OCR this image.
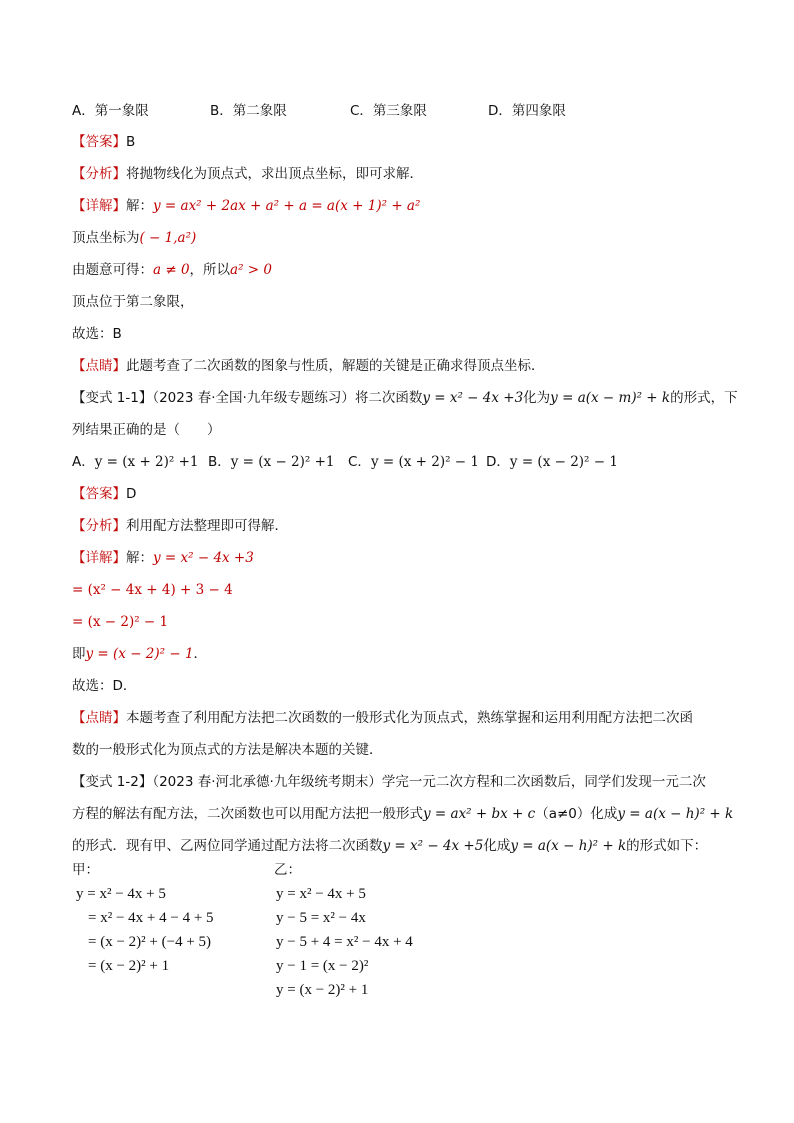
A．第一象限	B．第二象限	C．第三象限	D．第四象限
【答案】B
【分析】将抛物线化为顶点式，求出顶点坐标，即可求解．
【详解】解：y = ax² + 2ax + a² + a = a(x + 1)² + a²
顶点坐标为( − 1,a²)
由题意可得：a ≠ 0，所以a² > 0
顶点位于第二象限，
故选：B
【点睛】此题考查了二次函数的图象与性质，解题的关键是正确求得顶点坐标．
【变式 1-1】（2023 春·全国·九年级专题练习）将二次函数y = x² − 4x +3化为y = a(x − m)² + k的形式，下
列结果正确的是（　　）
A．y = (x + 2)² +1 B．y = (x − 2)² +1 C．y = (x + 2)² − 1 D．y = (x − 2)² − 1
【答案】D
【分析】利用配方法整理即可得解．
【详解】解：y = x² − 4x +3
= (x² − 4x + 4) + 3 − 4
= (x − 2)² − 1
即y = (x − 2)² − 1．
故选：D．
【点睛】本题考查了利用配方法把二次函数的一般形式化为顶点式，熟练掌握和运用利用配方法把二次函
数的一般形式化为顶点式的方法是解决本题的关键．
【变式 1-2】（2023 春·河北承德·九年级统考期末）学完一元二次方程和二次函数后，同学们发现一元二次
方程的解法有配方法，二次函数也可以用配方法把一般形式y = ax² + bx + c（a≠0）化成y = a(x − h)² + k
的形式．现有甲、乙两位同学通过配方法将二次函数y = x² − 4x +5化成y = a(x − h)² + k的形式如下：
甲：
y = x² − 4x + 5
= x² − 4x + 4 − 4 + 5
= (x − 2)² + (−4 + 5)
= (x − 2)² + 1
乙：
y = x² − 4x + 5
y − 5 = x² − 4x
y − 5 + 4 = x² − 4x + 4
y − 1 = (x − 2)²
y = (x − 2)² + 1
